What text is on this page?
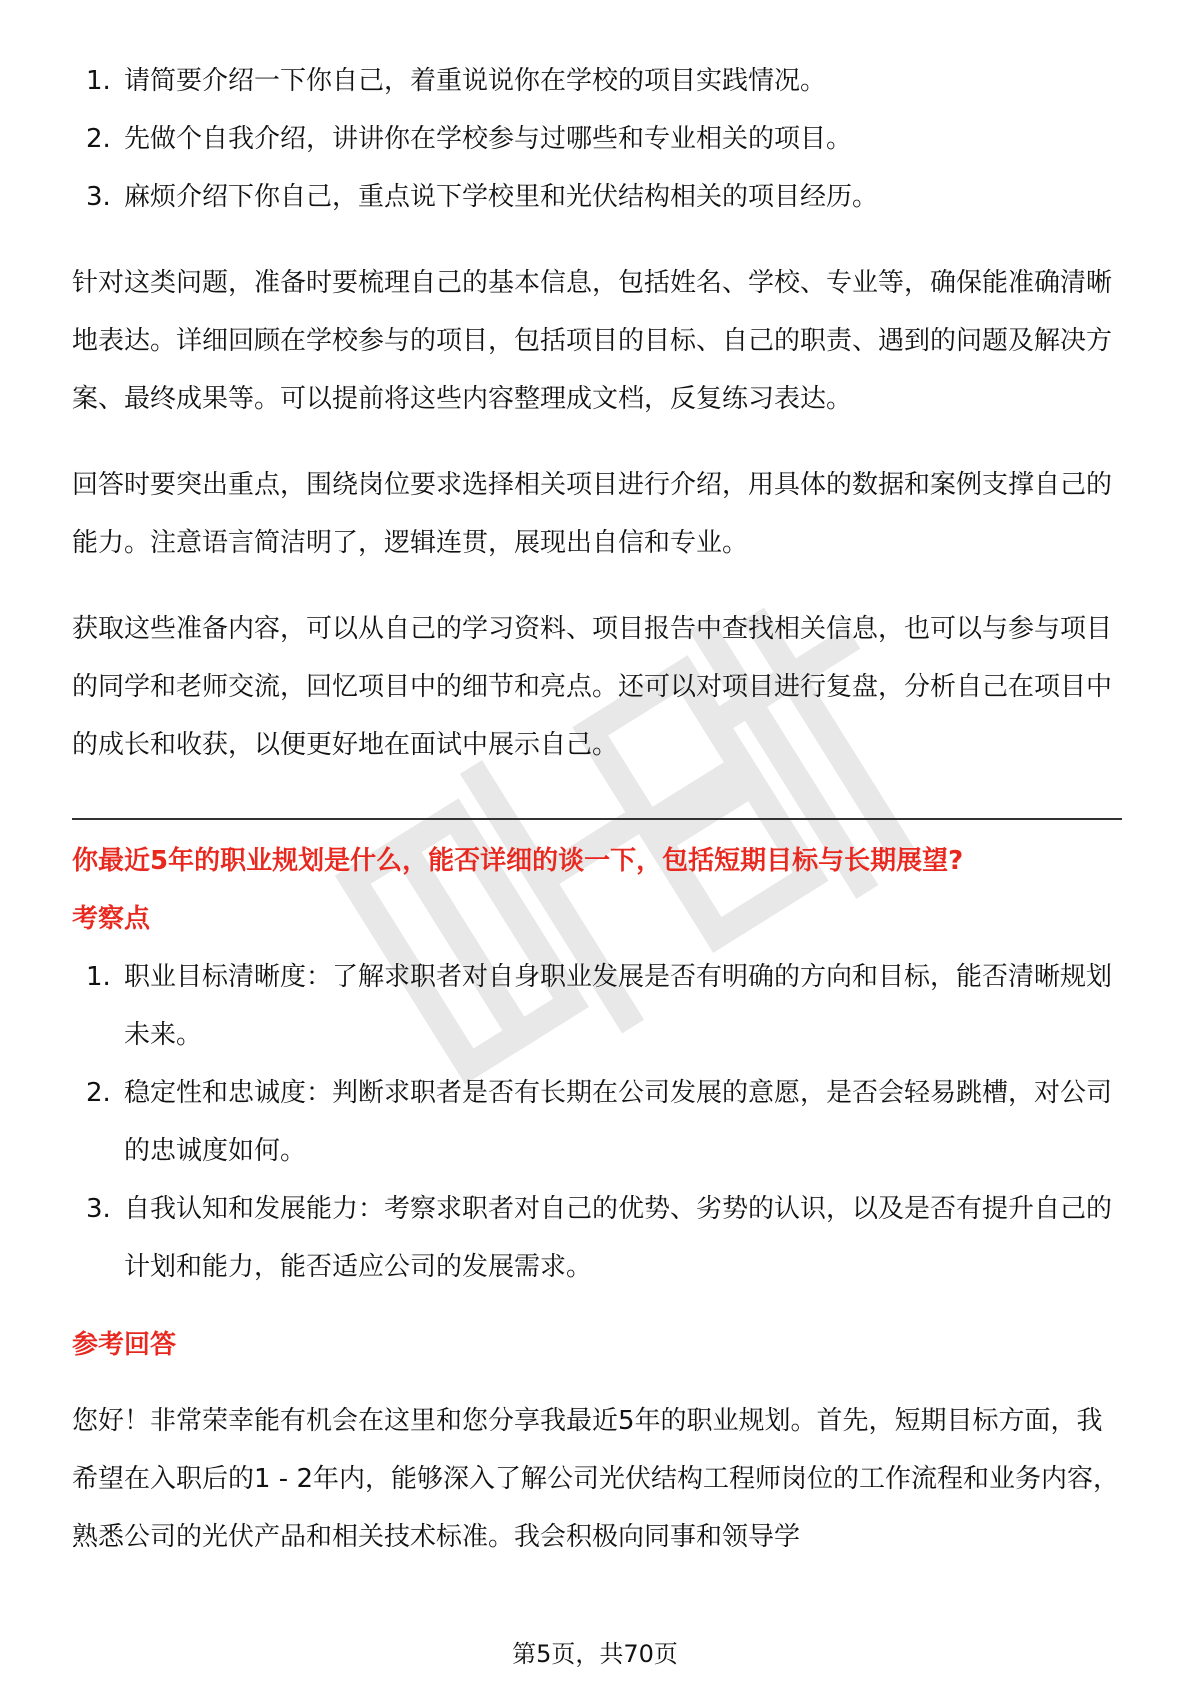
1. 请简要介绍一下你自己，着重说说你在学校的项目实践情况。
2. 先做个自我介绍，讲讲你在学校参与过哪些和专业相关的项目。
3. 麻烦介绍下你自己，重点说下学校里和光伏结构相关的项目经历。

针对这类问题，准备时要梳理自己的基本信息，包括姓名、学校、专业等，确保能准确清晰地表达。详细回顾在学校参与的项目，包括项目的目标、自己的职责、遇到的问题及解决方案、最终成果等。可以提前将这些内容整理成文档，反复练习表达。

回答时要突出重点，围绕岗位要求选择相关项目进行介绍，用具体的数据和案例支撑自己的能力。注意语言简洁明了，逻辑连贯，展现出自信和专业。

获取这些准备内容，可以从自己的学习资料、项目报告中查找相关信息，也可以与参与项目的同学和老师交流，回忆项目中的细节和亮点。还可以对项目进行复盘，分析自己在项目中的成长和收获，以便更好地在面试中展示自己。

你最近5年的职业规划是什么，能否详细的谈一下，包括短期目标与长期展望?
考察点
1. 职业目标清晰度：了解求职者对自身职业发展是否有明确的方向和目标，能否清晰规划未来。
2. 稳定性和忠诚度：判断求职者是否有长期在公司发展的意愿，是否会轻易跳槽，对公司的忠诚度如何。
3. 自我认知和发展能力：考察求职者对自己的优势、劣势的认识，以及是否有提升自己的计划和能力，能否适应公司的发展需求。
参考回答

您好！非常荣幸能有机会在这里和您分享我最近5年的职业规划。首先，短期目标方面，我希望在入职后的1 - 2年内，能够深入了解公司光伏结构工程师岗位的工作流程和业务内容，熟悉公司的光伏产品和相关技术标准。我会积极向同事和领导学

第5页，共70页
